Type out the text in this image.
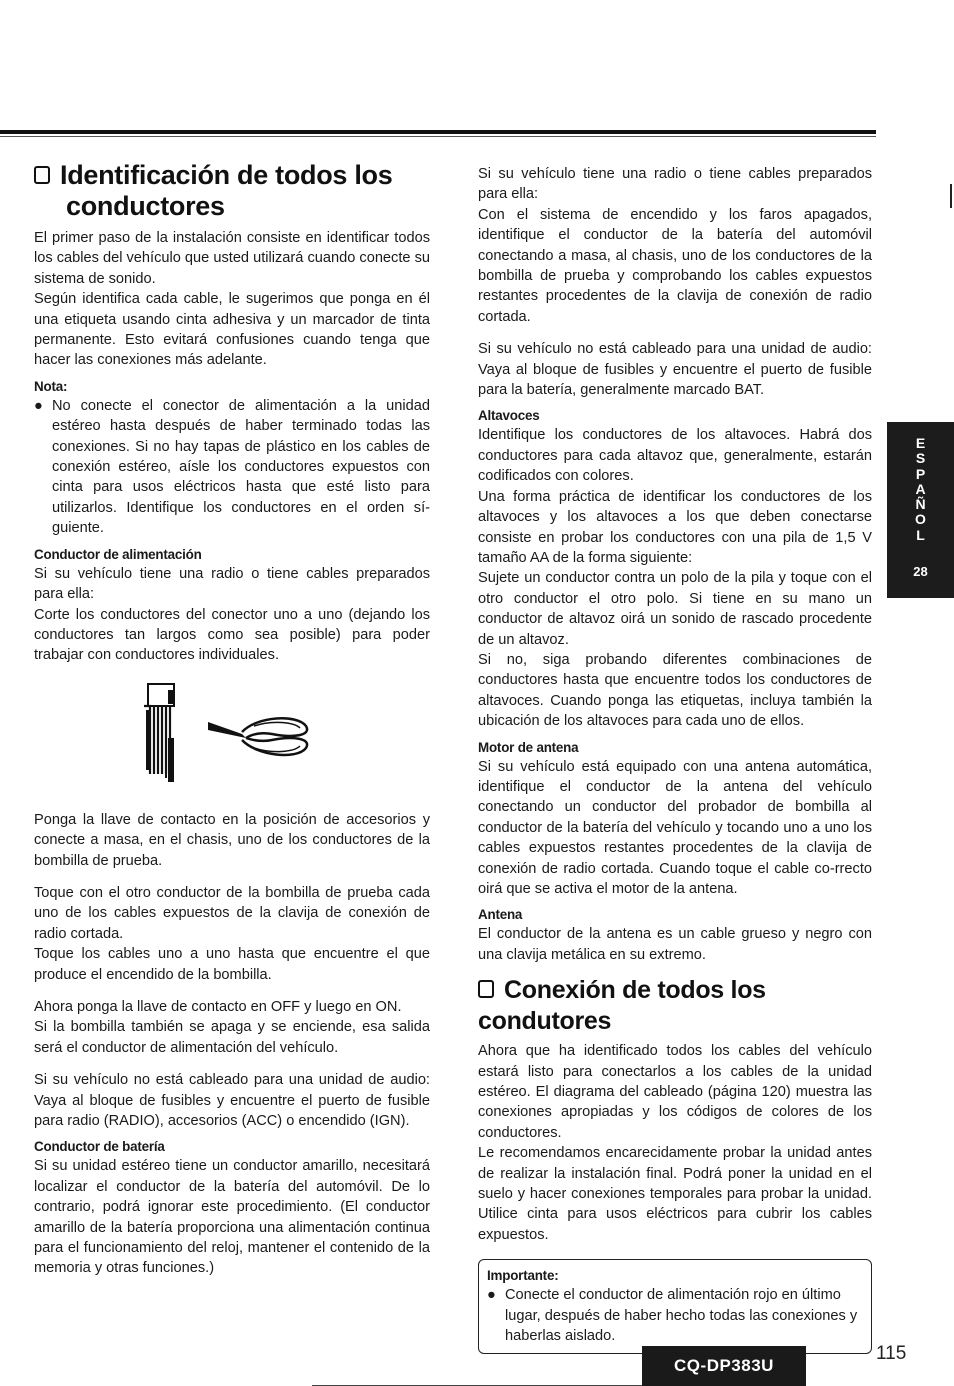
Identificación de todos los
conductores

El primer paso de la instalación consiste en identificar todos los cables del vehículo que usted utilizará cuando conecte su sistema de sonido.

Según identifica cada cable, le sugerimos que ponga en él una etiqueta usando cinta adhesiva y un marcador de tinta permanente. Esto evitará confusiones cuando tenga que hacer las conexiones más adelante.

Nota:
● No conecte el conector de alimentación a la unidad estéreo hasta después de haber terminado todas las conexiones. Si no hay tapas de plástico en los cables de conexión estéreo, aísle los conductores expuestos con cinta para usos eléctricos hasta que esté listo para utilizarlos. Identifique los conductores en el orden sí-guiente.
Conductor de alimentación

Si su vehículo tiene una radio o tiene cables preparados para ella:

Corte los conductores del conector uno a uno (dejando los conductores tan largos como sea posible) para poder trabajar con conductores individuales.

Ponga la llave de contacto en la posición de accesorios y conecte a masa, en el chasis, uno de los conductores de la bombilla de prueba.

Toque con el otro conductor de la bombilla de prueba cada uno de los cables expuestos de la clavija de conexión de radio cortada.

Toque los cables uno a uno hasta que encuentre el que produce el encendido de la bombilla.

Ahora ponga la llave de contacto en OFF y luego en ON.

Si la bombilla también se apaga y se enciende, esa salida será el conductor de alimentación del vehículo.

Si su vehículo no está cableado para una unidad de audio: Vaya al bloque de fusibles y encuentre el puerto de fusible para radio (RADIO), accesorios (ACC) o encendido (IGN).

Conductor de batería

Si su unidad estéreo tiene un conductor amarillo, necesitará localizar el conductor de la batería del automóvil. De lo contrario, podrá ignorar este procedimiento. (El conductor amarillo de la batería proporciona una alimentación continua para el funcionamiento del reloj, mantener el contenido de la memoria y otras funciones.)

Si su vehículo tiene una radio o tiene cables preparados para ella:

Con el sistema de encendido y los faros apagados, identifique el conductor de la batería del automóvil conectando a masa, al chasis, uno de los conductores de la bombilla de prueba y comprobando los cables expuestos restantes procedentes de la clavija de conexión de radio cortada.

Si su vehículo no está cableado para una unidad de audio: Vaya al bloque de fusibles y encuentre el puerto de fusible para la batería, generalmente marcado BAT.

Altavoces

Identifique los conductores de los altavoces. Habrá dos conductores para cada altavoz que, generalmente, estarán codificados con colores.

Una forma práctica de identificar los conductores de los altavoces y los altavoces a los que deben conectarse consiste en probar los conductores con una pila de 1,5 V tamaño AA de la forma siguiente:

Sujete un conductor contra un polo de la pila y toque con el otro conductor el otro polo. Si tiene en su mano un conductor de altavoz oirá un sonido de rascado procedente de un altavoz.

Si no, siga probando diferentes combinaciones de conductores hasta que encuentre todos los conductores de altavoces. Cuando ponga las etiquetas, incluya también la ubicación de los altavoces para cada uno de ellos.

Motor de antena

Si su vehículo está equipado con una antena automática, identifique el conductor de la antena del vehículo conectando un conductor del probador de bombilla al conductor de la batería del vehículo y tocando uno a uno los cables expuestos restantes procedentes de la clavija de conexión de radio cortada. Cuando toque el cable co-rrecto oirá que se activa el motor de la antena.

Antena

El conductor de la antena es un cable grueso y negro con una clavija metálica en su extremo.

Conexión de todos los condutores

Ahora que ha identificado todos los cables del vehículo estará listo para conectarlos a los cables de la unidad estéreo. El diagrama del cableado (página 120) muestra las conexiones apropiadas y los códigos de colores de los conductores.

Le recomendamos encarecidamente probar la unidad antes de realizar la instalación final. Podrá poner la unidad en el suelo y hacer conexiones temporales para probar la unidad. Utilice cinta para usos eléctricos para cubrir los cables expuestos.

Importante:
● Conecte el conductor de alimentación rojo en último lugar, después de haber hecho todas las conexiones y haberlas aislado.
E
S
P
A
Ñ
O
L
28
CQ-DP383U
115
